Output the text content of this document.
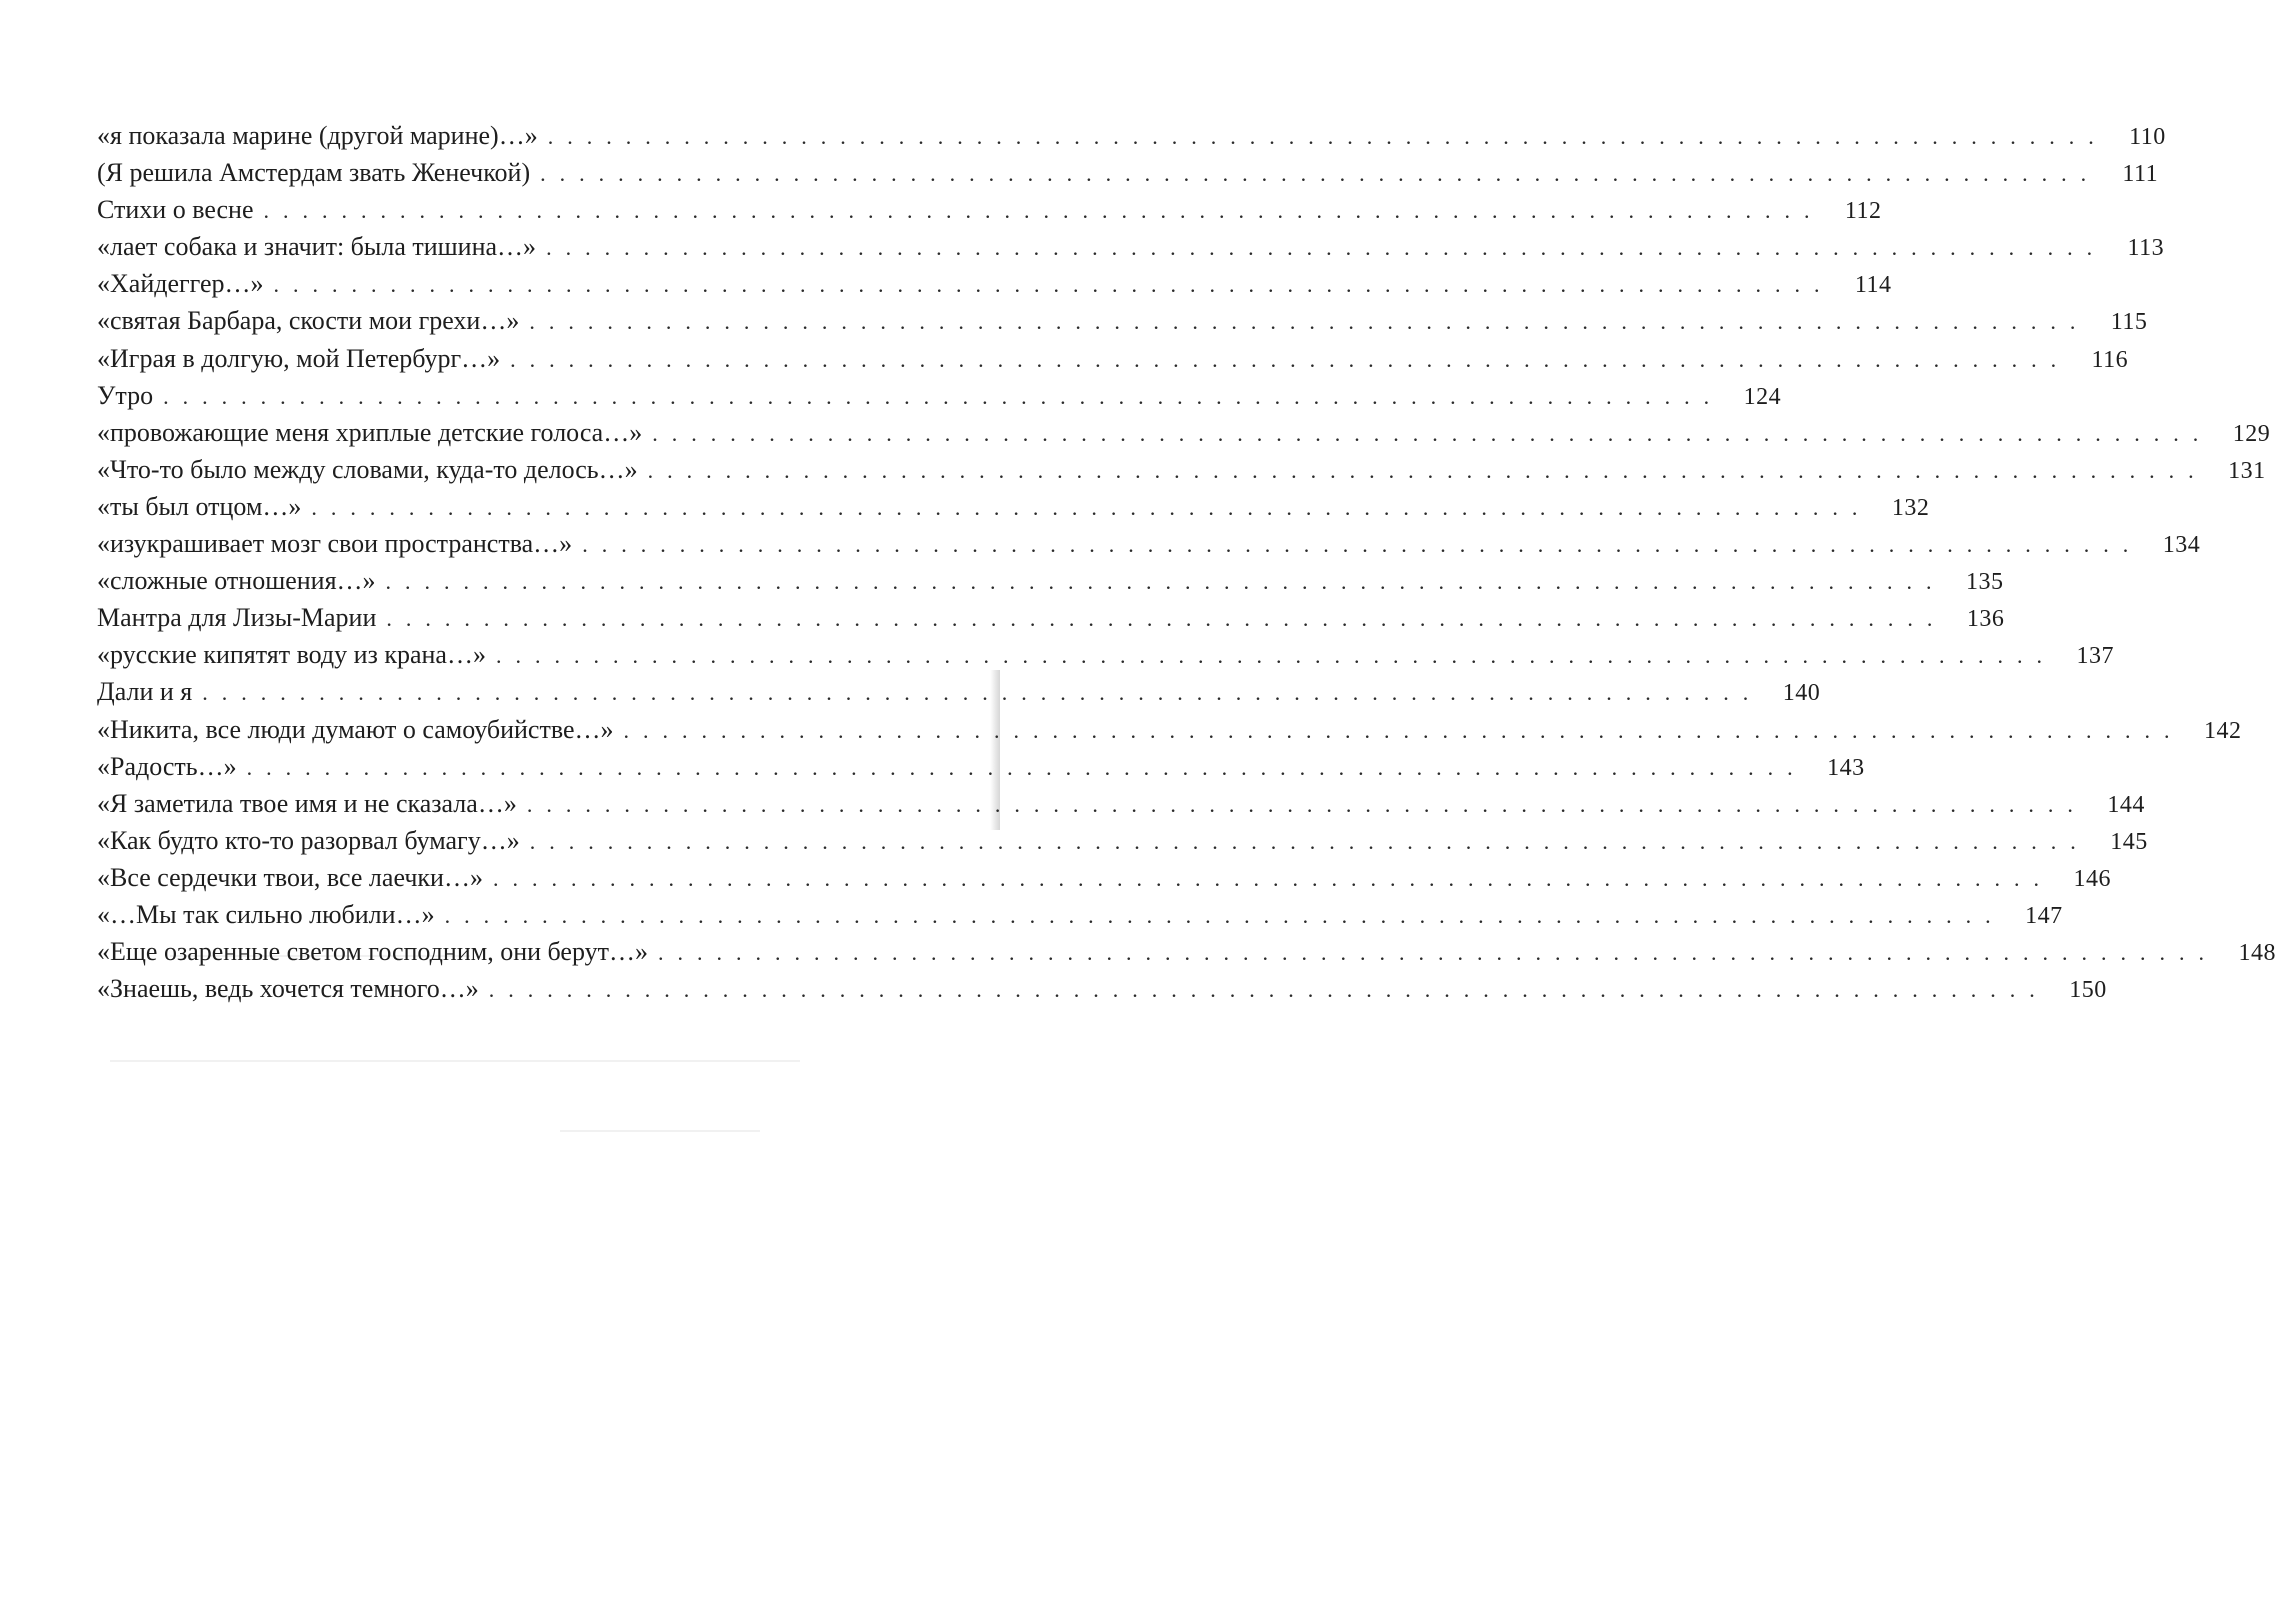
«я показала марине (другой марине)…» ................................................................................ 110
(Я решила Амстердам звать Женечкой) ................................................................................ 111
Стихи о весне ................................................................................ 112
«лает собака и значит: была тишина…» ................................................................................ 113
«Хайдеггер…» ................................................................................ 114
«святая Барбара, скости мои грехи…» ................................................................................ 115
«Играя в долгую, мой Петербург…» ................................................................................ 116
Утро ................................................................................ 124
«провожающие меня хриплые детские голоса…» ................................................................................ 129
«Что-то было между словами, куда-то делось…» ................................................................................ 131
«ты был отцом…» ................................................................................ 132
«изукрашивает мозг свои пространства…» ................................................................................ 134
«сложные отношения…» ................................................................................ 135
Мантра для Лизы-Марии ................................................................................ 136
«русские кипятят воду из крана…» ................................................................................ 137
Дали и я ................................................................................ 140
«Никита, все люди думают о самоубийстве…» ................................................................................ 142
«Радость…» ................................................................................ 143
«Я заметила твое имя и не сказала…» ................................................................................ 144
«Как будто кто-то разорвал бумагу…» ................................................................................ 145
«Все сердечки твои, все лаечки…» ................................................................................ 146
«…Мы так сильно любили…» ................................................................................ 147
«Еще озаренные светом господним, они берут…» ................................................................................ 148
«Знаешь, ведь хочется темного…» ................................................................................ 150
